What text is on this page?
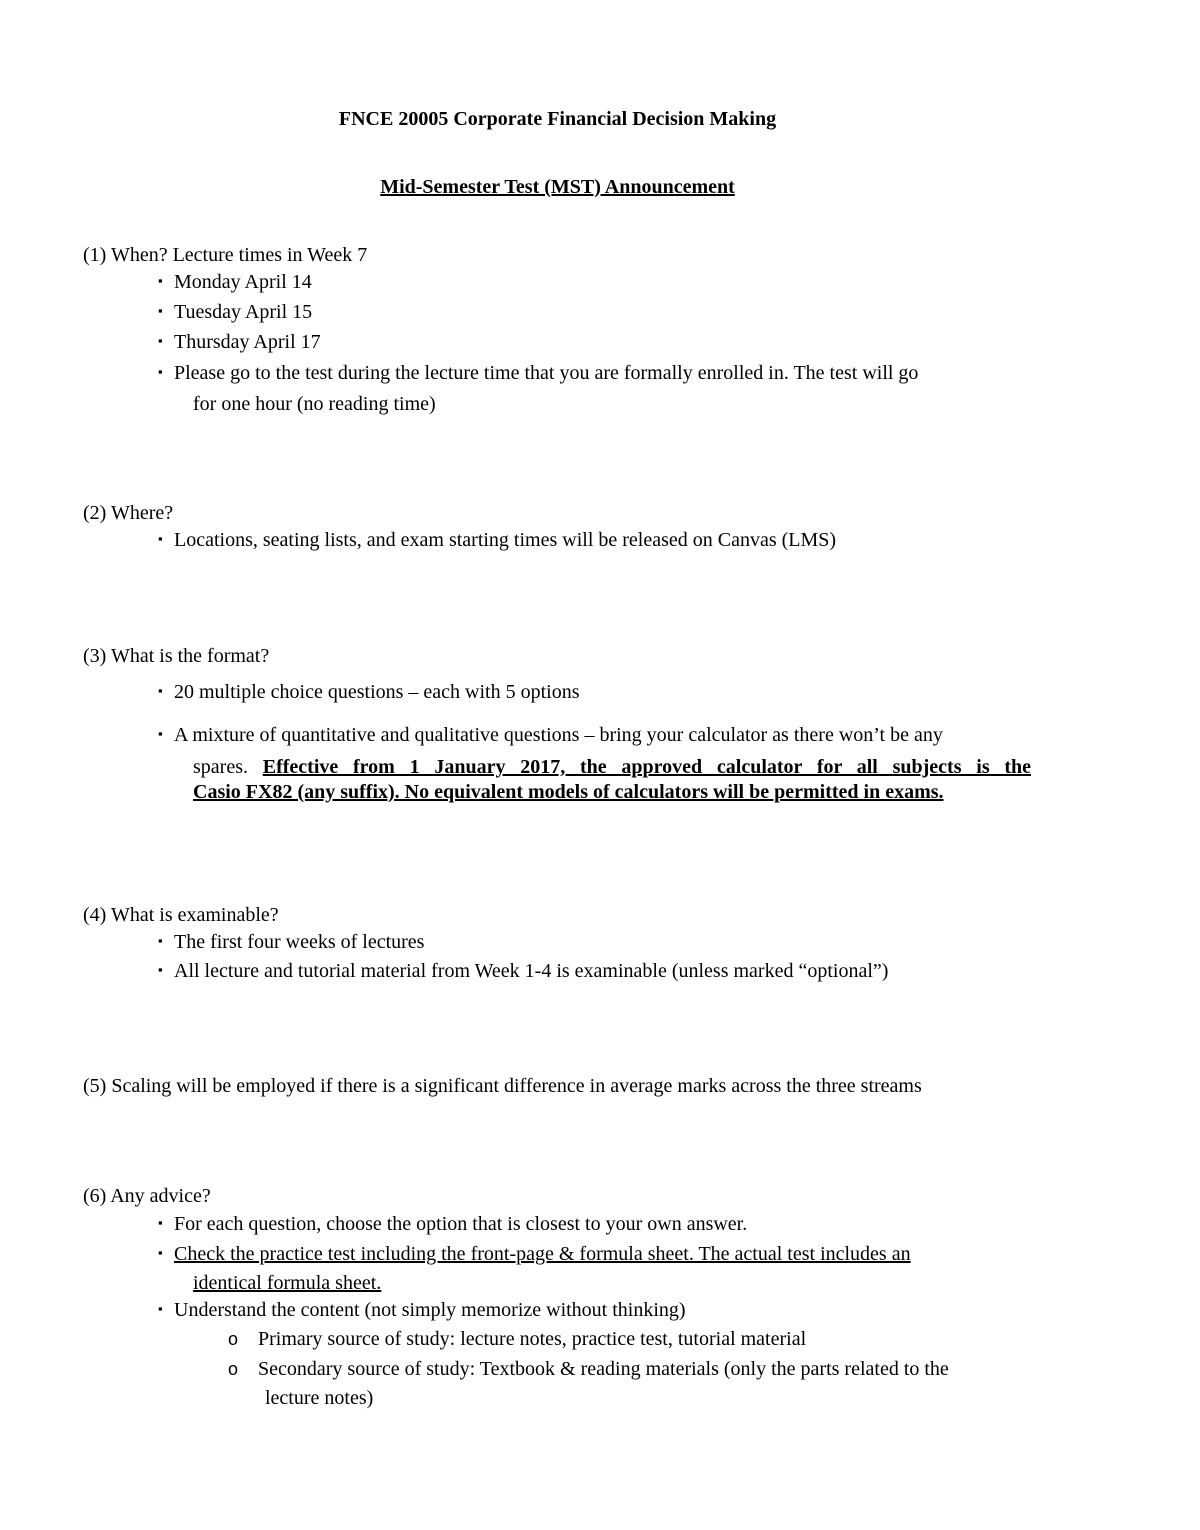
FNCE 20005 Corporate Financial Decision Making
Mid-Semester Test (MST) Announcement
(1) When? Lecture times in Week 7
▪ Monday April 14
▪ Tuesday April 15
▪ Thursday April 17
▪ Please go to the test during the lecture time that you are formally enrolled in. The test will go
for one hour (no reading time)
(2) Where?
▪ Locations, seating lists, and exam starting times will be released on Canvas (LMS)
(3) What is the format?
▪ 20 multiple choice questions – each with 5 options
▪ A mixture of quantitative and qualitative questions – bring your calculator as there won’t be any
spares. Effective from 1 January 2017, the approved calculator for all subjects is the
Casio FX82 (any suffix). No equivalent models of calculators will be permitted in exams.
(4) What is examinable?
▪ The first four weeks of lectures
▪ All lecture and tutorial material from Week 1-4 is examinable (unless marked “optional”)
(5) Scaling will be employed if there is a significant difference in average marks across the three streams
(6) Any advice?
▪ For each question, choose the option that is closest to your own answer.
▪ Check the practice test including the front-page & formula sheet. The actual test includes an
identical formula sheet.
▪ Understand the content (not simply memorize without thinking)
o Primary source of study: lecture notes, practice test, tutorial material
o Secondary source of study: Textbook & reading materials (only the parts related to the
lecture notes)
